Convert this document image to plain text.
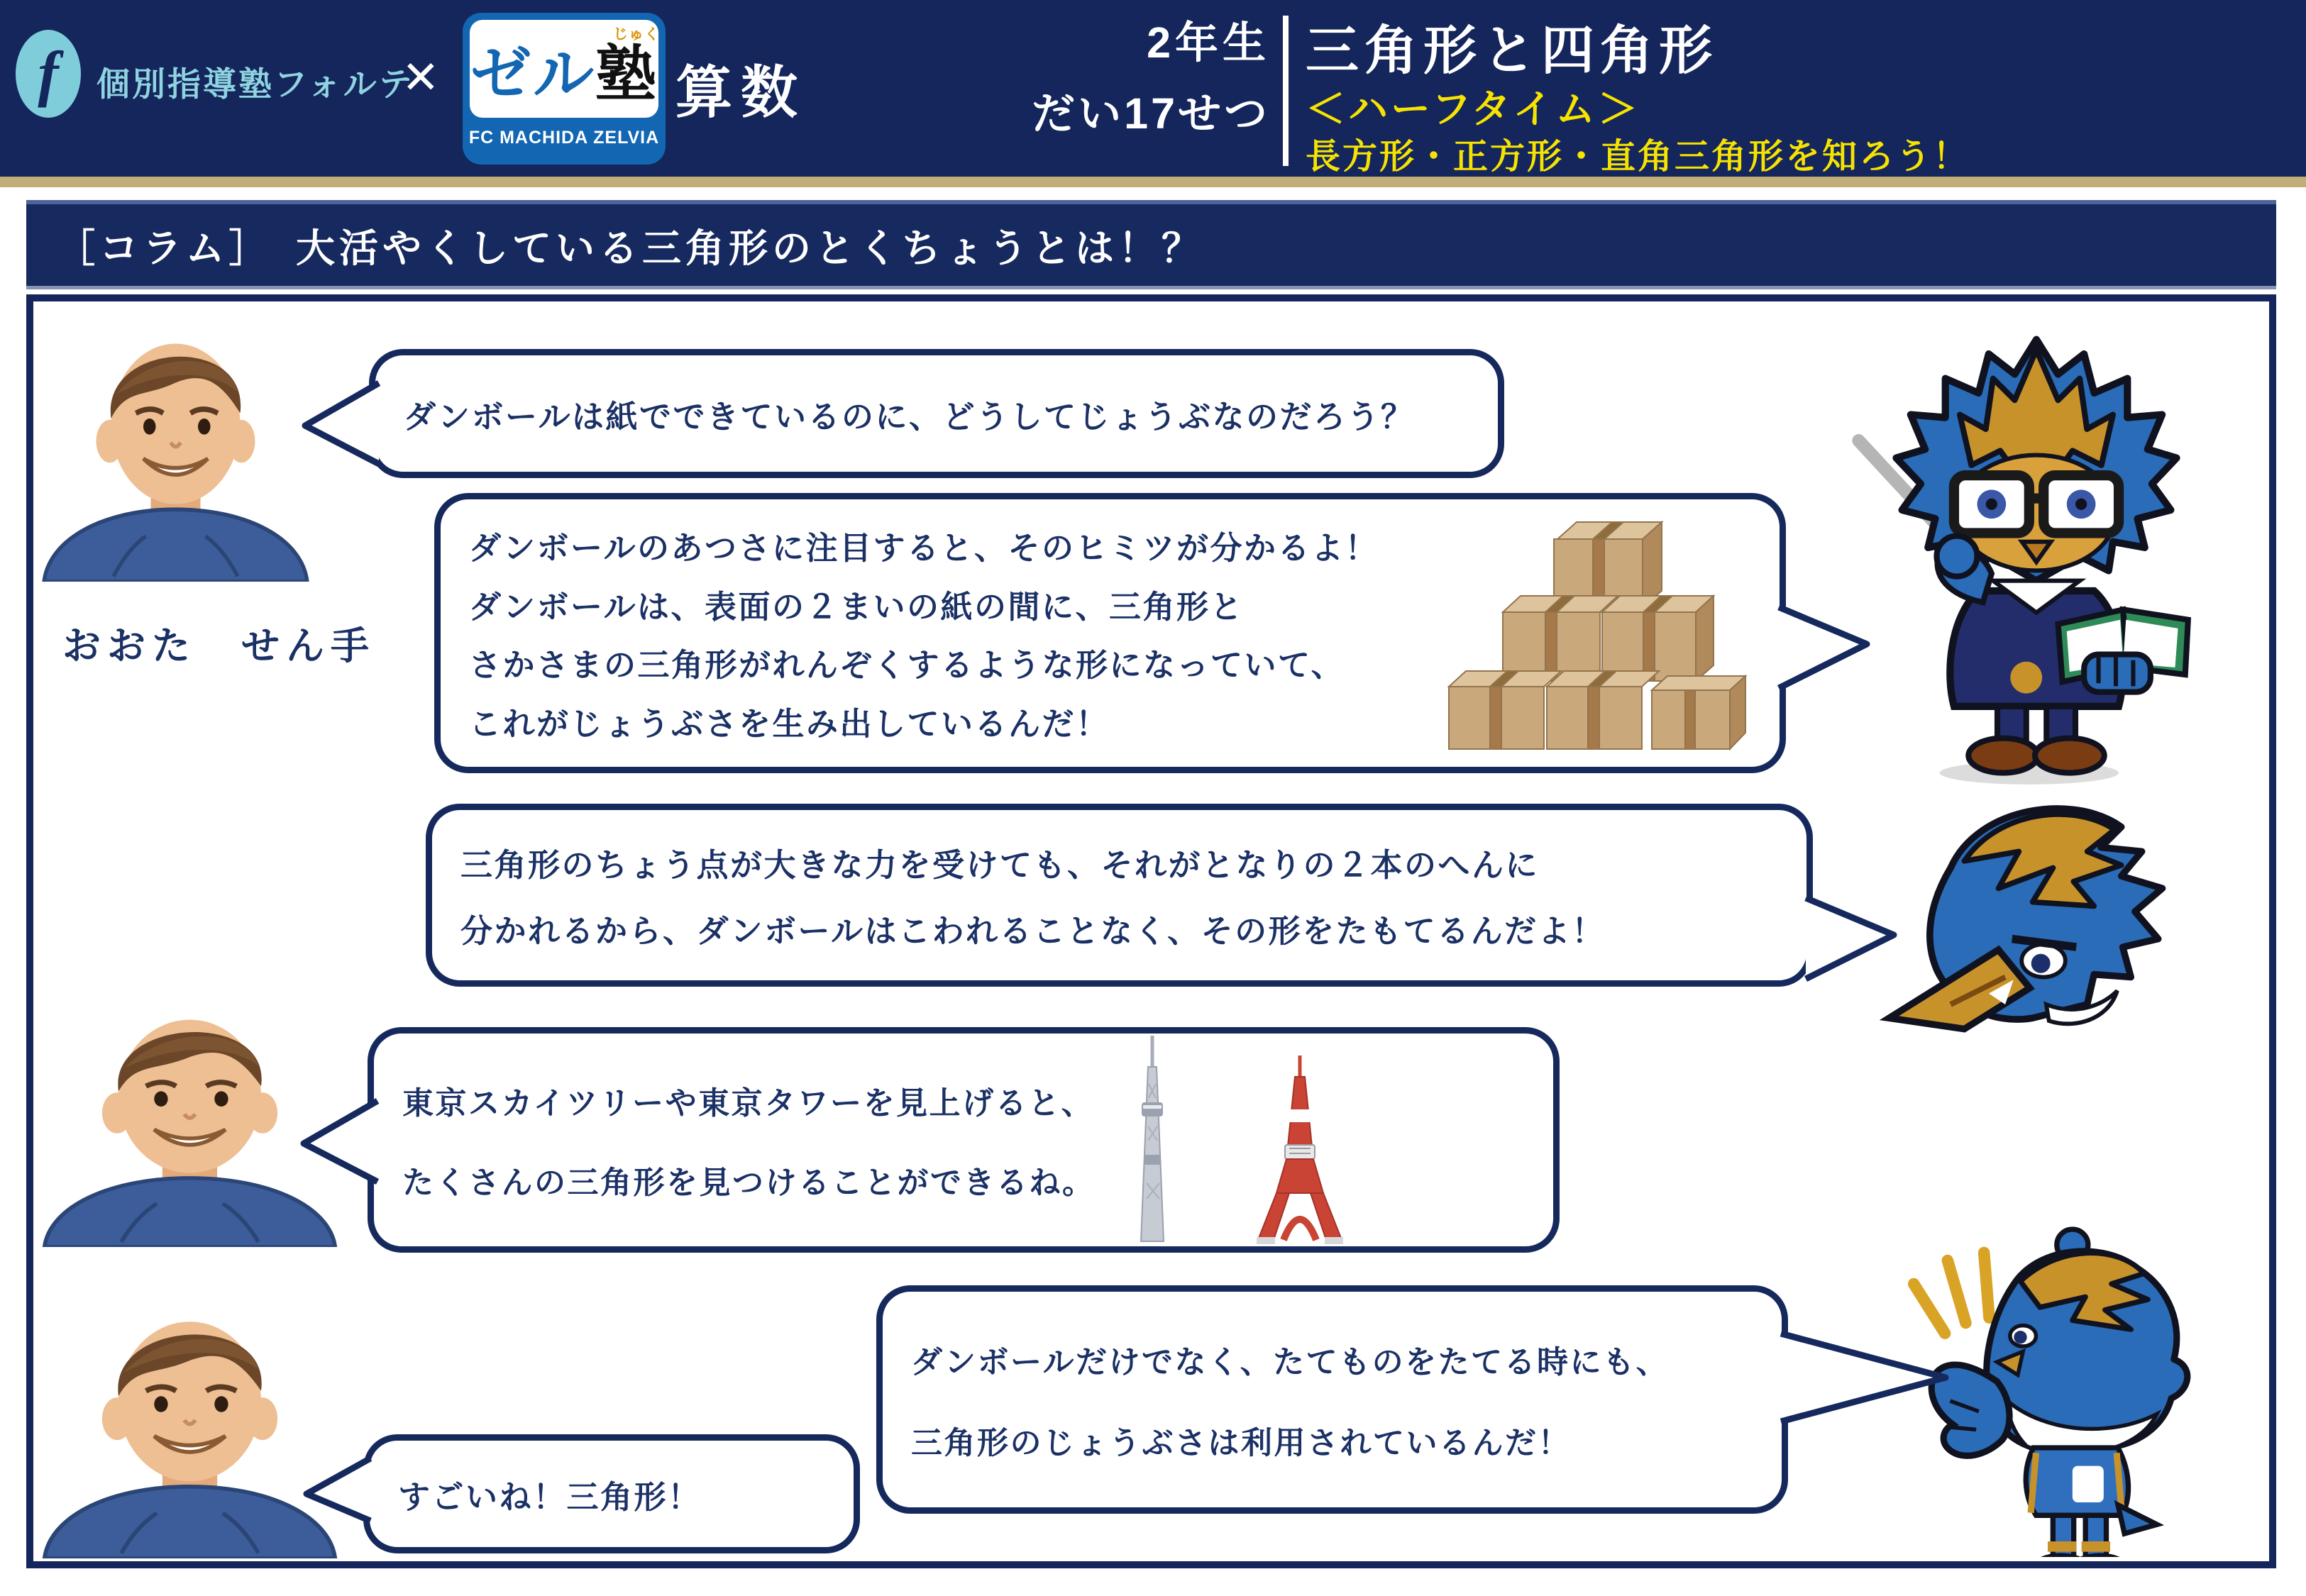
f 個別指導塾フォルテ
✕ ゼル塾
じゅく
FC MACHIDA ZELVIA
算数
2年生
だい17せつ
三角形と四角形
＜ハーフタイム＞
長方形・正方形・直角三角形を知ろう！
［コラム］　大活やくしている三角形のとくちょうとは！？
おおた　せん手
ダンボールは紙でできているのに、どうしてじょうぶなのだろう？
ダンボールのあつさに注目すると、そのヒミツが分かるよ！
ダンボールは、表面の２まいの紙の間に、三角形と
さかさまの三角形がれんぞくするような形になっていて、
これがじょうぶさを生み出しているんだ！
三角形のちょう点が大きな力を受けても、それがとなりの２本のへんに
分かれるから、ダンボールはこわれることなく、その形をたもてるんだよ！
東京スカイツリーや東京タワーを見上げると、
たくさんの三角形を見つけることができるね。
ダンボールだけでなく、たてものをたてる時にも、
三角形のじょうぶさは利用されているんだ！
すごいね！三角形！
